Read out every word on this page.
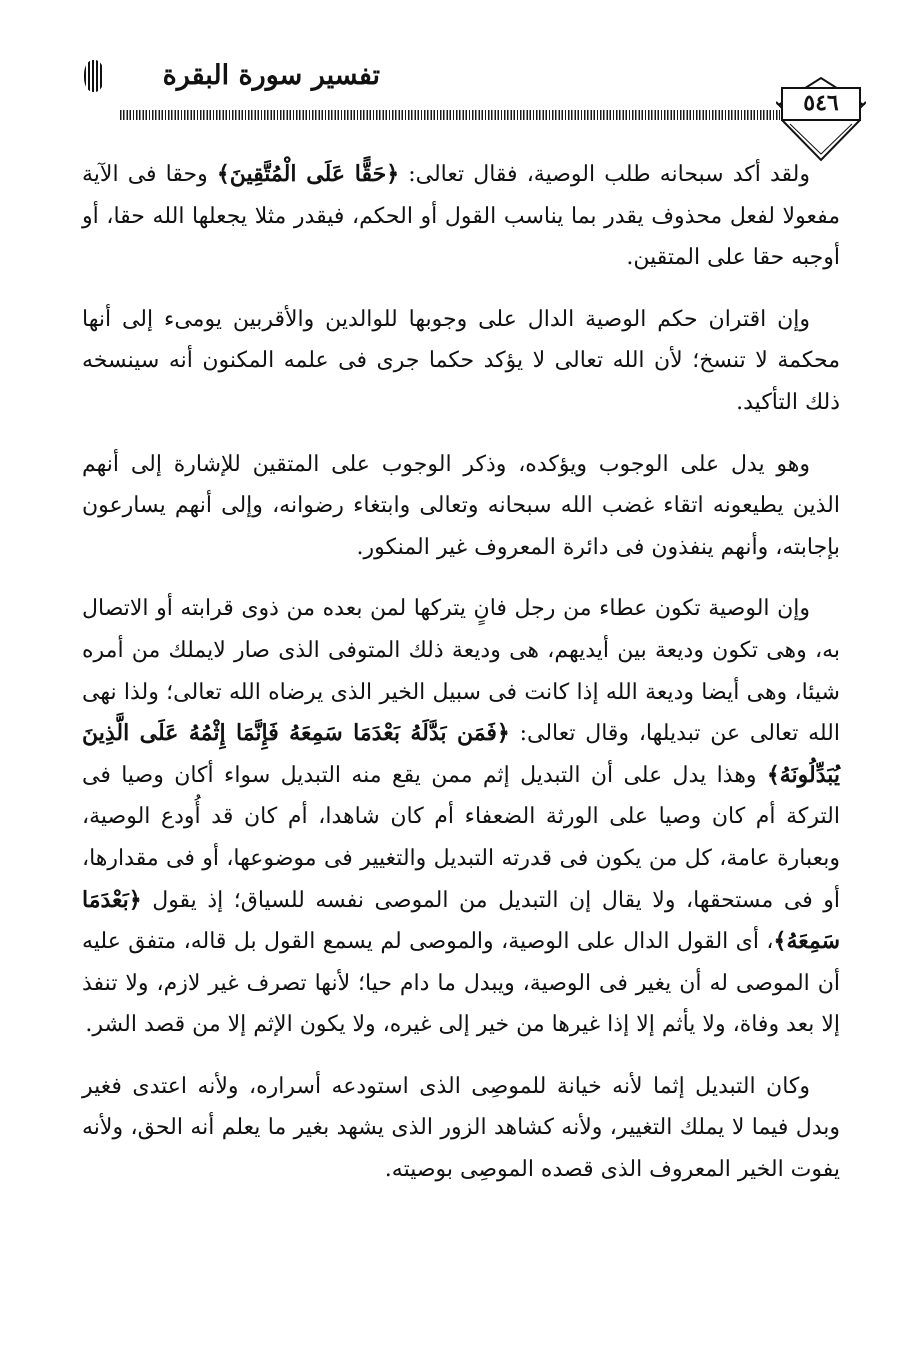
تفسير سورة البقرة
٥٤٦

ولقد أكد سبحانه طلب الوصية، فقال تعالى: ﴿حَقًّا عَلَى الْمُتَّقِينَ﴾ وحقا فى الآية مفعولا لفعل محذوف يقدر بما يناسب القول أو الحكم، فيقدر مثلا يجعلها الله حقا، أو أوجبه حقا على المتقين.

وإن اقتران حكم الوصية الدال على وجوبها للوالدين والأقربين يومىء إلى أنها محكمة لا تنسخ؛ لأن الله تعالى لا يؤكد حكما جرى فى علمه المكنون أنه سينسخه ذلك التأكيد.

وهو يدل على الوجوب ويؤكده، وذكر الوجوب على المتقين للإشارة إلى أنهم الذين يطيعونه اتقاء غضب الله سبحانه وتعالى وابتغاء رضوانه، وإلى أنهم يسارعون بإجابته، وأنهم ينفذون فى دائرة المعروف غير المنكور.

وإن الوصية تكون عطاء من رجل فانٍ يتركها لمن بعده من ذوى قرابته أو الاتصال به، وهى تكون وديعة بين أيديهم، هى وديعة ذلك المتوفى الذى صار لايملك من أمره شيئا، وهى أيضا وديعة الله إذا كانت فى سبيل الخير الذى يرضاه الله تعالى؛ ولذا نهى الله تعالى عن تبديلها، وقال تعالى: ﴿فَمَن بَدَّلَهُ بَعْدَمَا سَمِعَهُ فَإِنَّمَا إِثْمُهُ عَلَى الَّذِينَ يُبَدِّلُونَهُ﴾ وهذا يدل على أن التبديل إثم ممن يقع منه التبديل سواء أكان وصيا فى التركة أم كان وصيا على الورثة الضعفاء أم كان شاهدا، أم كان قد أُودع الوصية، وبعبارة عامة، كل من يكون فى قدرته التبديل والتغيير فى موضوعها، أو فى مقدارها، أو فى مستحقها، ولا يقال إن التبديل من الموصى نفسه للسياق؛ إذ يقول ﴿بَعْدَمَا سَمِعَهُ﴾، أى القول الدال على الوصية، والموصى لم يسمع القول بل قاله، متفق عليه أن الموصى له أن يغير فى الوصية، ويبدل ما دام حيا؛ لأنها تصرف غير لازم، ولا تنفذ إلا بعد وفاة، ولا يأثم إلا إذا غيرها من خير إلى غيره، ولا يكون الإثم إلا من قصد الشر.

وكان التبديل إثما لأنه خيانة للموصِى الذى استودعه أسراره، ولأنه اعتدى فغير وبدل فيما لا يملك التغيير، ولأنه كشاهد الزور الذى يشهد بغير ما يعلم أنه الحق، ولأنه يفوت الخير المعروف الذى قصده الموصِى بوصيته.
